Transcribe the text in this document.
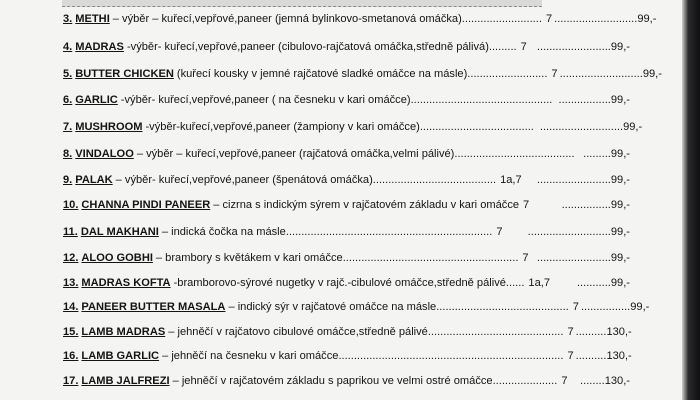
3. METHI – výběr – kuřecí,vepřové,paneer (jemná bylinkovo-smetanová omáčka).......................... 7 ...........................99,-
4. MADRAS -výběr- kuřecí,vepřové,paneer (cibulovo-rajčatová omáčka,středně pálivá)......... 7 ........................99,-
5. BUTTER CHICKEN (kuřecí kousky v jemné rajčatové sladké omáčce na másle).......................... 7 ...........................99,-
6. GARLIC -výběr- kuřecí,vepřové,paneer ( na česneku v kari omáčce).............................................. .................99,-
7. MUSHROOM -výběr-kuřecí,vepřové,paneer (žampiony v kari omáčce)..................................... ...........................99,-
8. VINDALOO – výběr – kuřecí,vepřové,paneer (rajčatová omáčka,velmi pálivé)....................................... .........99,-
9. PALAK – výběr- kuřecí,vepřové,paneer (špenátová omáčka)........................................ 1a,7 ........................99,-
10. CHANNA PINDI PANEER – cizrna s indickým sýrem v rajčatovém základu v kari omáčce 7	................99,-
11. DAL MAKHANI – indická čočka na másle................................................................... 7 ...........................99,-
12. ALOO GOBHI – brambory s květákem v kari omáčce......................................................... 7 ........................99,-
13. MADRAS KOFTA -bramborovo-sýrové nugetky v rajč.-cibulové omáčce,středně pálivé...... 1a,7 ...........99,-
14. PANEER BUTTER MASALA – indický sýr v rajčatové omáčce na másle........................................... 7 ................99,-
15. LAMB MADRAS – jehněčí v rajčatovo cibulové omáčce,středně pálivé............................................ 7 ..........130,-
16. LAMB GARLIC – jehněčí na česneku v kari omáčce......................................................................... 7 ..........130,-
17. LAMB JALFREZI – jehněčí v rajčatovém základu s paprikou ve velmi ostré omáčce..................... 7 ........130,-
